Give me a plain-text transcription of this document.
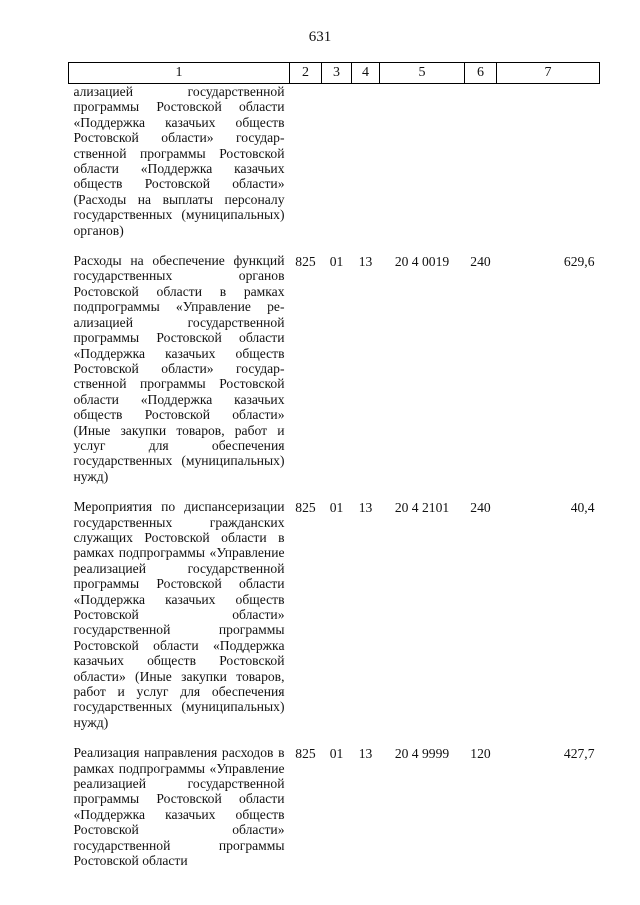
631
1	2	3	4	5	6	7
ализацией государственной программы Ростовской области «Поддержка казачьих обществ Ростовской области» государственной программы Ростовской области «Поддержка казачьих обществ Ростовской области» (Расходы на выплаты персоналу государственных (муниципальных) органов)						
Расходы на обеспечение функций государственных органов Ростовской области в рамках подпрограммы «Управление реализацией государственной программы Ростовской области «Поддержка казачьих обществ Ростовской области» государственной программы Ростовской области «Поддержка казачьих обществ Ростовской области» (Иные закупки товаров, работ и услуг для обеспечения государственных (муниципальных) нужд)	825	01	13	20 4 0019	240	629,6
Мероприятия по диспансеризации государственных гражданских служащих Ростовской области в рамках подпрограммы «Управление реализацией государственной программы Ростовской области «Поддержка казачьих обществ Ростовской области» государственной программы Ростовской области «Поддержка казачьих обществ Ростовской области» (Иные закупки товаров, работ и услуг для обеспечения государственных (муниципальных) нужд)	825	01	13	20 4 2101	240	40,4
Реализация направления расходов в рамках подпрограммы «Управление реализацией государственной программы Ростовской области «Поддержка казачьих обществ Ростовской области» государственной программы Ростовской области	825	01	13	20 4 9999	120	427,7
